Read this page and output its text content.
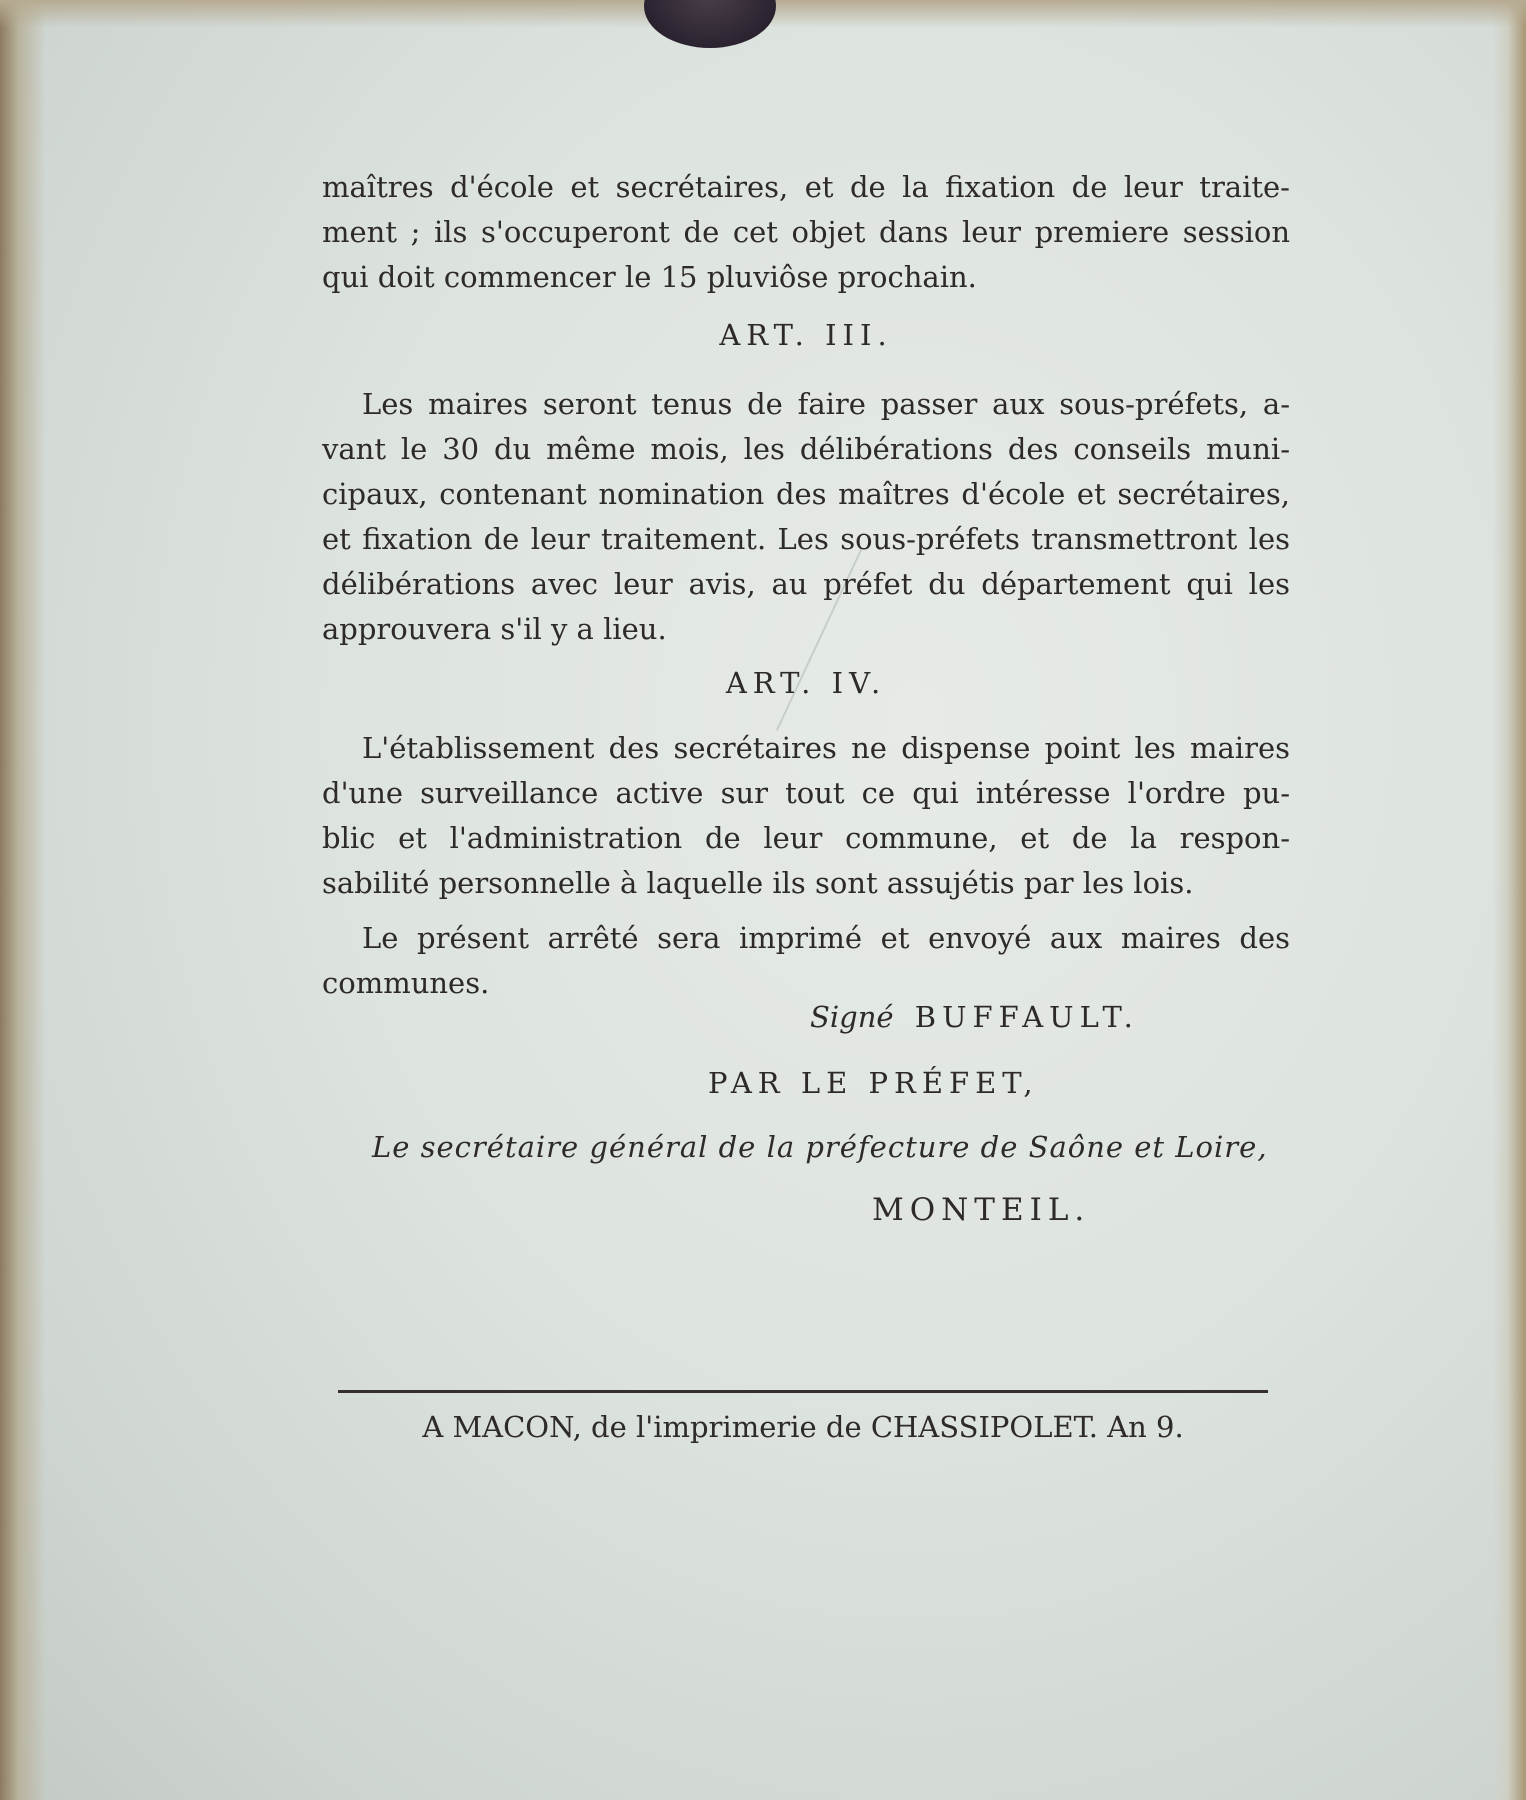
maîtres d'école et secrétaires, et de la fixation de leur traite-
ment ; ils s'occuperont de cet objet dans leur premiere session
qui doit commencer le 15 pluviôse prochain.
ART. III.
Les maires seront tenus de faire passer aux sous-préfets, a-
vant le 30 du même mois, les délibérations des conseils muni-
cipaux, contenant nomination des maîtres d'école et secrétaires,
et fixation de leur traitement. Les sous-préfets transmettront les
délibérations avec leur avis, au préfet du département qui les
approuvera s'il y a lieu.
ART. IV.
L'établissement des secrétaires ne dispense point les maires
d'une surveillance active sur tout ce qui intéresse l'ordre pu-
blic et l'administration de leur commune, et de la respon-
sabilité personnelle à laquelle ils sont assujétis par les lois.
Le présent arrêté sera imprimé et envoyé aux maires des
communes.
Signé BUFFAULT.
PAR LE PRÉFET,
Le secrétaire général de la préfecture de Saône et Loire,
MONTEIL.
A MACON, de l'imprimerie de CHASSIPOLET. An 9.
